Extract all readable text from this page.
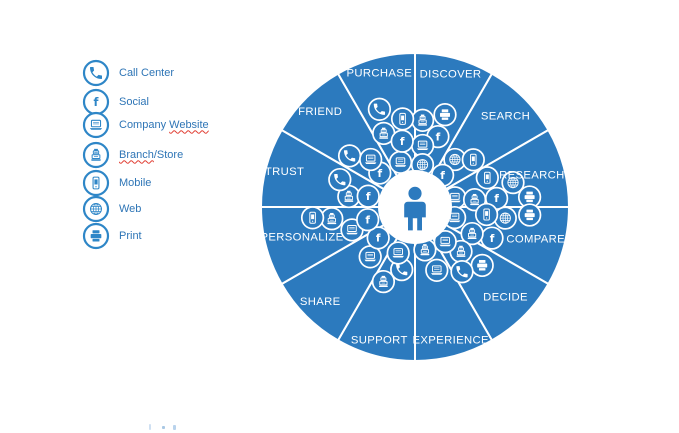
Call Center
Social
Company Website
Branch/Store
Mobile
Web
Print
DISCOVER
SEARCH
RESEARCH
COMPARE
DECIDE
EXPERIENCE
SUPPORT
SHARE
PERSONALIZE
TRUST
FRIEND
PURCHASE
